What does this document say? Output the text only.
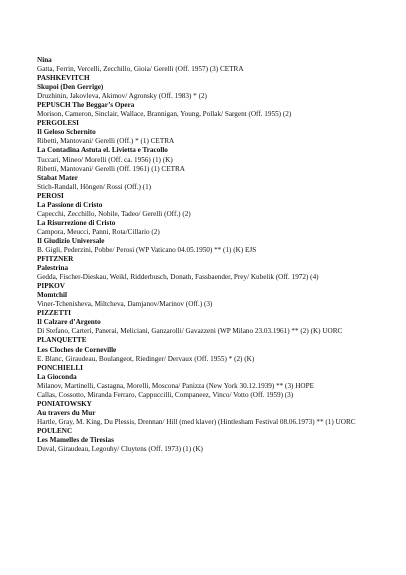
Nina
Gatta, Ferrin, Vercelli, Zecchillo, Gioia/ Gerelli (Off. 1957) (3) CETRA
PASHKEVITCH
Skupoi (Den Gerrige)
Druzhinin, Jakovleva, Akimov/ Agronsky (Off. 1983) * (2)
PEPUSCH The Beggar’s Opera
Morison, Cameron, Sinclair, Wallace, Brannigan, Young, Pollak/ Sargent (Off. 1955) (2)
PERGOLESI
Il Geloso Schernito
Ribetti, Mantovani/ Gerelli (Off.) * (1) CETRA
La Contadina Astuta el. Livietta e Tracollo
Tuccari, Mineo/ Morelli (Off. ca. 1956) (1) (K)
Ribetti, Mantovani/ Gerelli (Off. 1961) (1) CETRA
Stabat Mater
Stich-Randall, Höngen/ Rossi (Off.) (1)
PEROSI
La Passione di Cristo
Capecchi, Zecchillo, Nobile, Tadeo/ Gerelli (Off.) (2)
La Risurrezione di Cristo
Campora, Meucci, Panni, Rota/Cillario (2)
Il Giudizio Universale
B. Gigli, Pederzini, Pobbe/ Perosi (WP Vaticano 04.05.1950) ** (1) (K) EJS
PFITZNER
Palestrina
Gedda, Fischer-Dieskau, Weikl, Ridderbusch, Donath, Fassbaender, Prey/ Kubelik (Off. 1972) (4)
PIPKOV
Momtchil
Viner-Tchenisheva, Miltcheva, Damjanov/Marinov (Off.) (3)
PIZZETTI
Il Calzare d’Argento
Di Stefano, Carteri, Panerai, Meliciani, Ganzarolli/ Gavazzeni (WP Milano 23.03.1961) ** (2) (K) UORC
PLANQUETTE
Les Cloches de Corneville
E. Blanc, Giraudeau, Boulangeot, Riedinger/ Dervaux (Off. 1955) * (2) (K)
PONCHIELLI
La Gioconda
Milanov, Martinelli, Castagna, Morelli, Moscona/ Panizza (New York 30.12.1939) ** (3) HOPE
Callas, Cossotto, Miranda Ferraro, Cappuccilli, Companeez, Vinco/ Votto (Off. 1959) (3)
PONIATOWSKY
Au travers du Mur
Hartle, Gray, M. King, Du Plessis, Drennan/ Hill (med klaver) (Hintlesham Festival 08.06.1973) ** (1) UORC
POULENC
Les Mamelles de Tiresias
Duval, Giraudeau, Legouhy/ Cluytens (Off. 1973) (1) (K)
